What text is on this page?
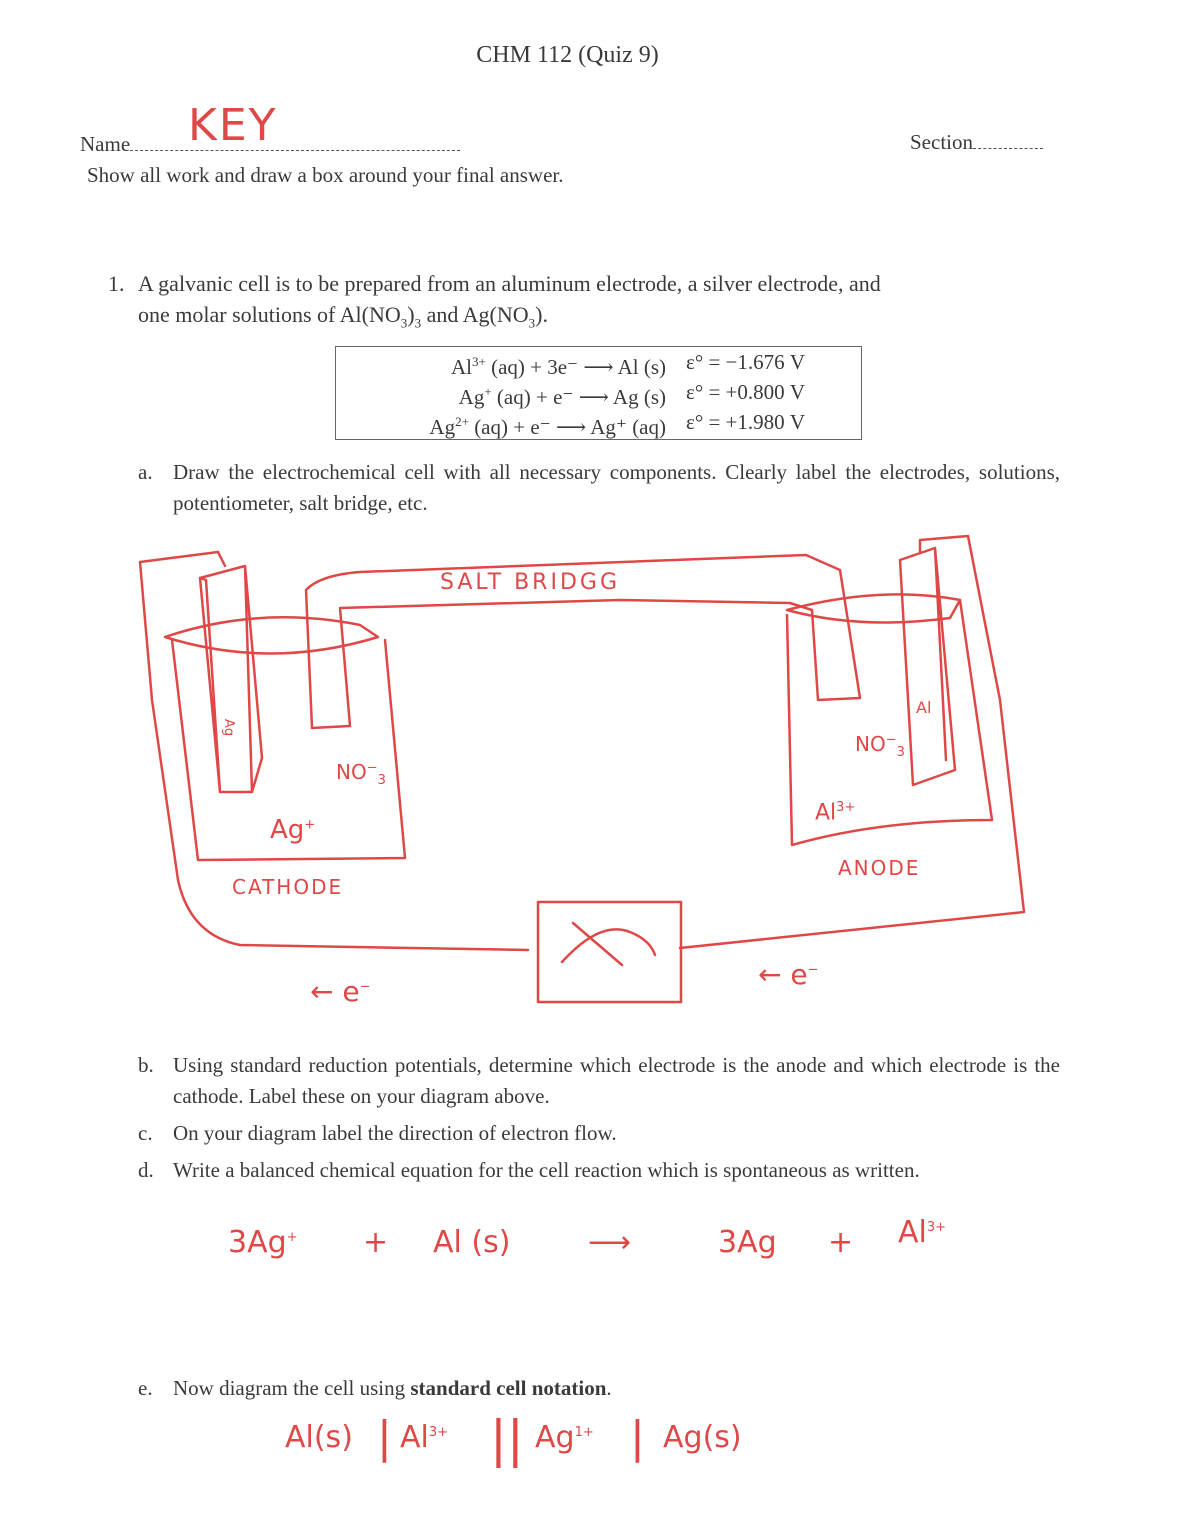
CHM 112 (Quiz 9)
Name	KEY	Section
Show all work and draw a box around your final answer.
1. A galvanic cell is to be prepared from an aluminum electrode, a silver electrode, and
one molar solutions of $Al(NO_3)_3$ and $Ag(NO_3)$.
$Al^{3+}$ (aq) + 3e⁻ ⟶ Al (s) ε° = −1.676 V
Ag+ (aq) + e⁻ ⟶ Ag (s) ε° = +0.800 V
$Ag^{2+}$ (aq) + e⁻ ⟶ Ag⁺ (aq) ε° = +1.980 V
a. Draw the electrochemical cell with all necessary components. Clearly label the electrodes, solutions, potentiometer, salt bridge, etc.
SALT BRIDGG
Ag
$NO^-_3$
Ag+
CATHODE
Al
$NO^-_3$
$Al^{3+}$
ANODE
← e−	← e−
b. Using standard reduction potentials, determine which electrode is the anode and which electrode is the cathode. Label these on your diagram above.
c. On your diagram label the direction of electron flow.
d. Write a balanced chemical equation for the cell reaction which is spontaneous as written.
3Ag+ + Al (s)	⟶	$3Ag + Al^{3+}$
e. Now diagram the cell using standard cell notation.
Al(s) | $Al^{3+}$ || $Ag^{1+}$ | Ag(s)
